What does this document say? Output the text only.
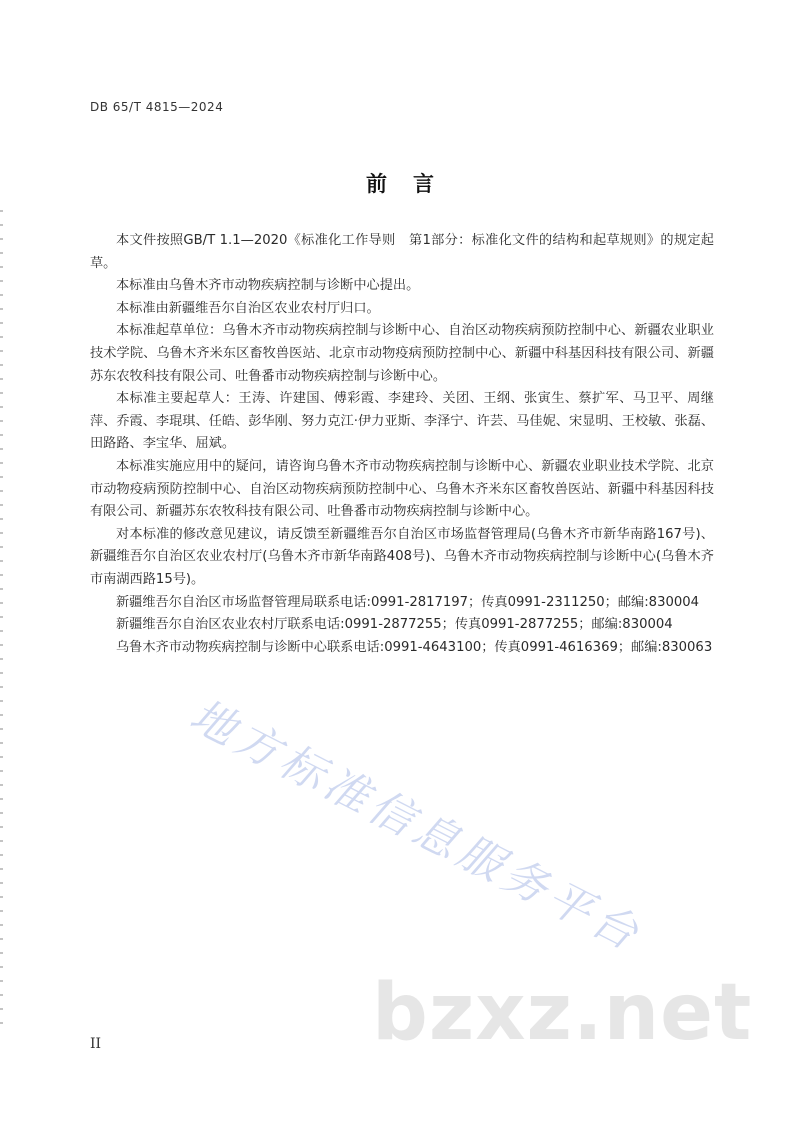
DB 65/T 4815—2024
前言

本文件按照GB/T 1.1—2020《标准化工作导则　第1部分：标准化文件的结构和起草规则》的规定起草。

本标准由乌鲁木齐市动物疾病控制与诊断中心提出。

本标准由新疆维吾尔自治区农业农村厅归口。

本标准起草单位：乌鲁木齐市动物疾病控制与诊断中心、自治区动物疾病预防控制中心、新疆农业职业技术学院、乌鲁木齐米东区畜牧兽医站、北京市动物疫病预防控制中心、新疆中科基因科技有限公司、新疆苏东农牧科技有限公司、吐鲁番市动物疾病控制与诊断中心。

本标准主要起草人：王涛、许建国、傅彩霞、李建玲、关团、王纲、张寅生、蔡扩军、马卫平、周继萍、乔霞、李琨琪、任皓、彭华刚、努力克江·伊力亚斯、李泽宁、许芸、马佳妮、宋显明、王校敏、张磊、田路路、李宝华、屈斌。

本标准实施应用中的疑问，请咨询乌鲁木齐市动物疾病控制与诊断中心、新疆农业职业技术学院、北京市动物疫病预防控制中心、自治区动物疾病预防控制中心、乌鲁木齐米东区畜牧兽医站、新疆中科基因科技有限公司、新疆苏东农牧科技有限公司、吐鲁番市动物疾病控制与诊断中心。

对本标准的修改意见建议，请反馈至新疆维吾尔自治区市场监督管理局(乌鲁木齐市新华南路167号)、新疆维吾尔自治区农业农村厅(乌鲁木齐市新华南路408号)、乌鲁木齐市动物疾病控制与诊断中心(乌鲁木齐市南湖西路15号)。

新疆维吾尔自治区市场监督管理局联系电话:0991-2817197；传真0991-2311250；邮编:830004

新疆维吾尔自治区农业农村厅联系电话:0991-2877255；传真0991-2877255；邮编:830004

乌鲁木齐市动物疾病控制与诊断中心联系电话:0991-4643100；传真0991-4616369；邮编:830063

地方标准信息服务平台
bzxz.net
II
